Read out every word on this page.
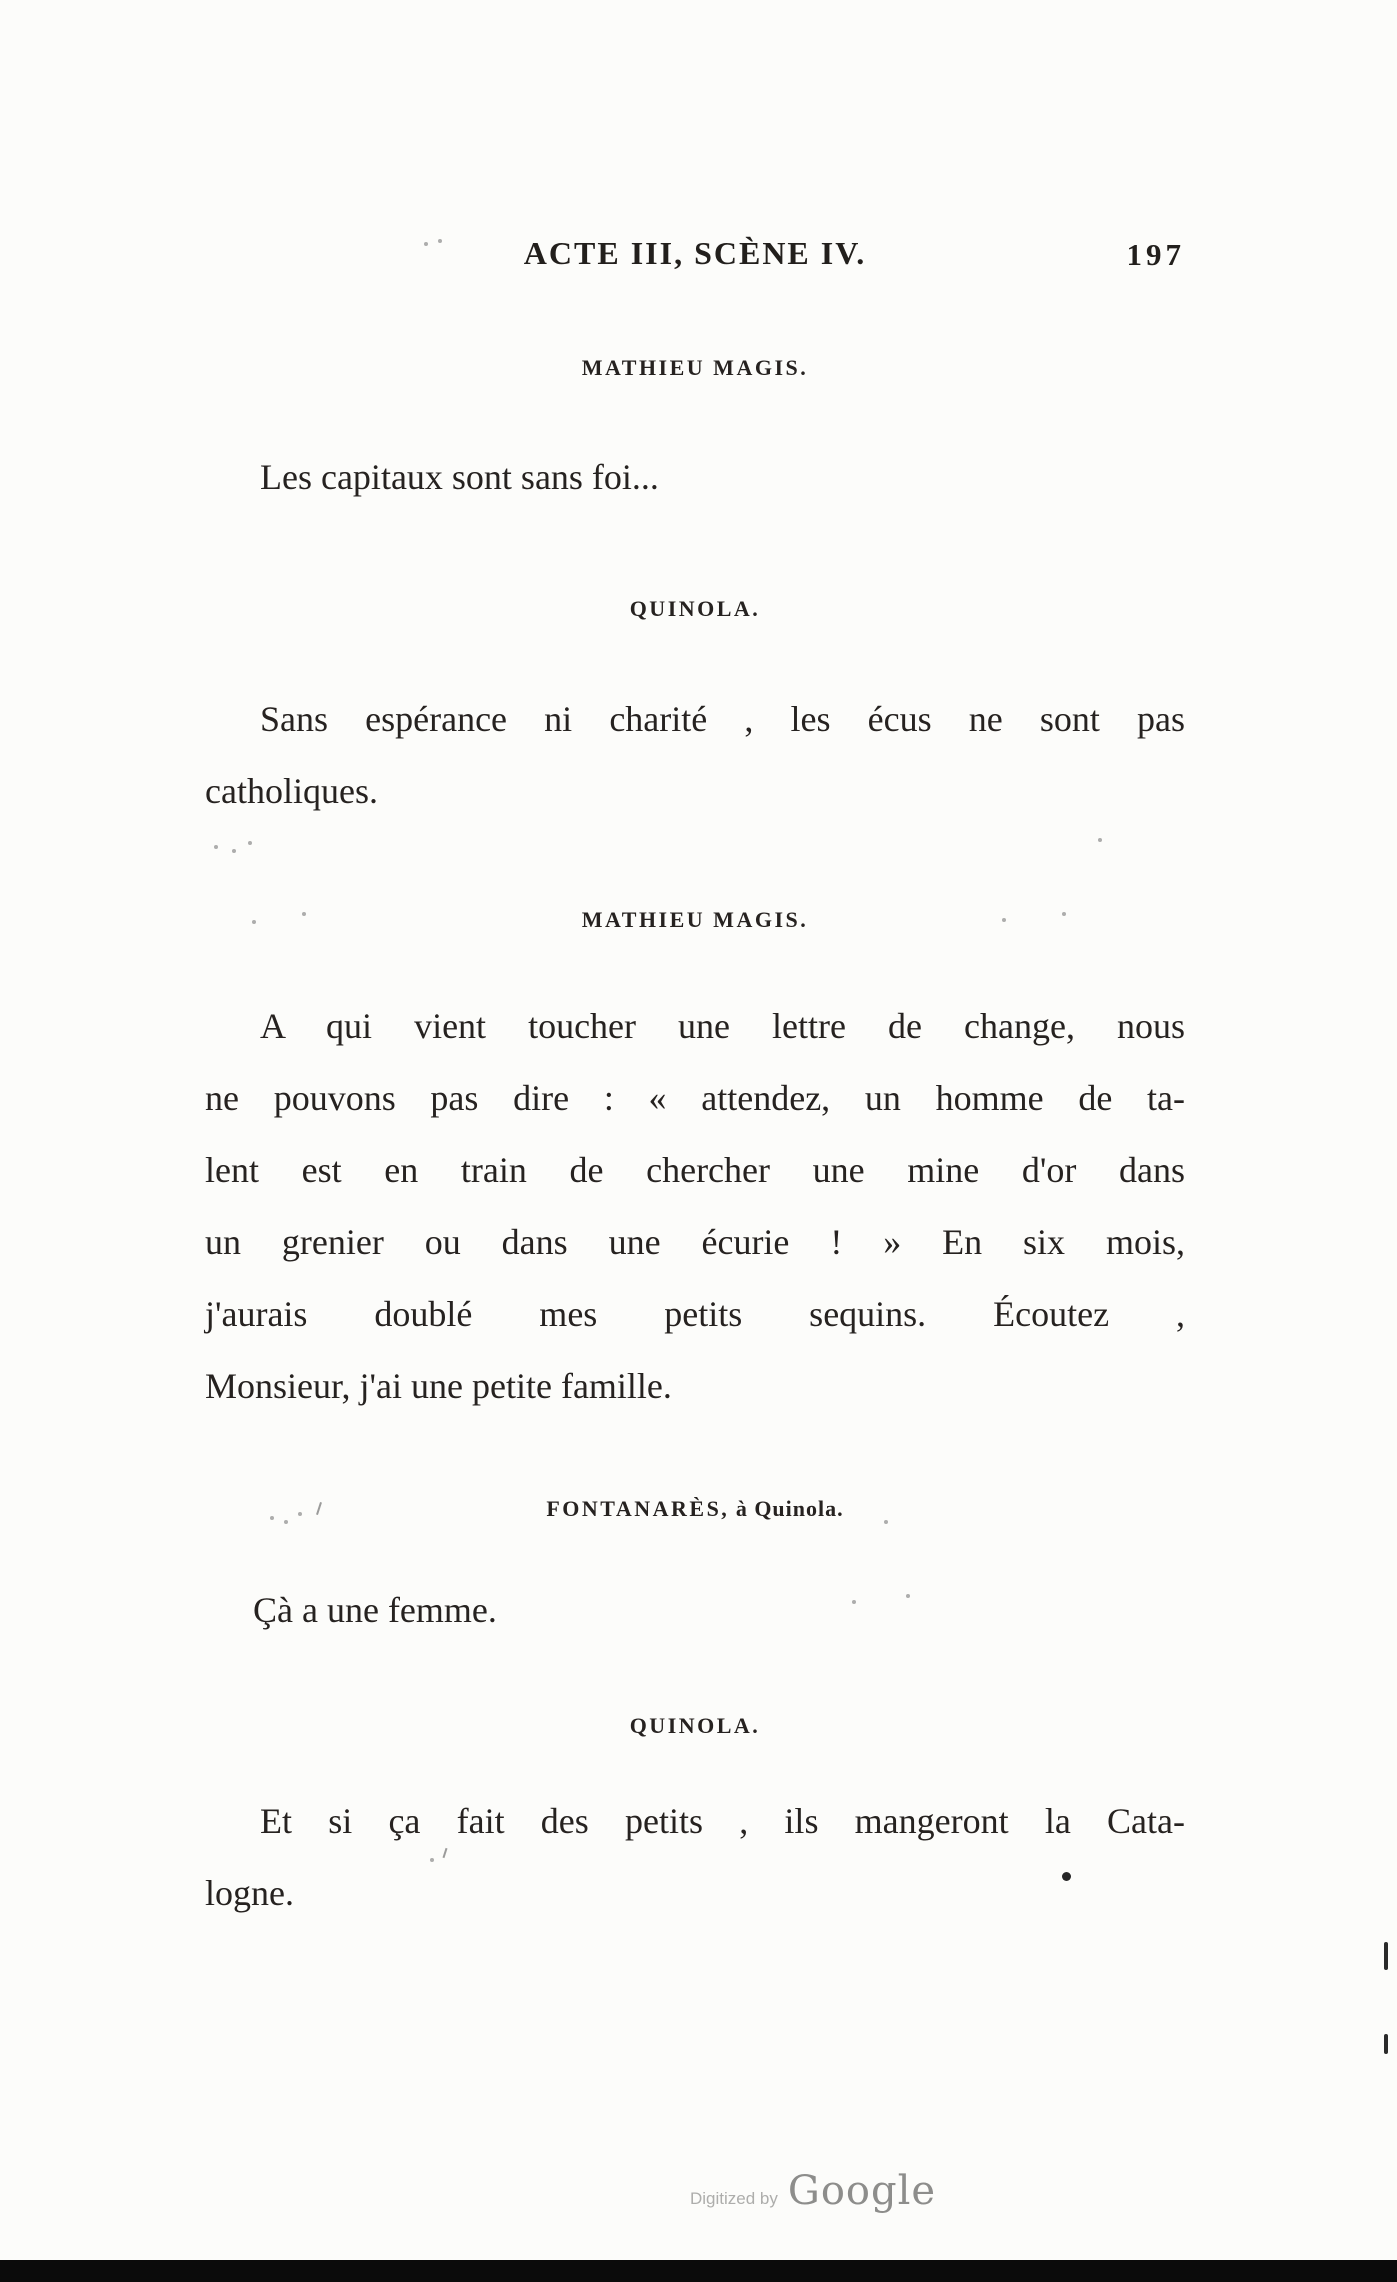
ACTE III, SCÈNE IV.	197
MATHIEU MAGIS.
Les capitaux sont sans foi...
QUINOLA.
Sans espérance ni charité , les écus ne sont pas
catholiques.
MATHIEU MAGIS.
A qui vient toucher une lettre de change, nous
ne pouvons pas dire : « attendez, un homme de ta-
lent est en train de chercher une mine d'or dans
un grenier ou dans une écurie ! » En six mois,
j'aurais doublé mes petits sequins. Écoutez ,
Monsieur, j'ai une petite famille.
FONTANARÈS, à Quinola.
Çà a une femme.
QUINOLA.
Et si ça fait des petits , ils mangeront la Cata-
logne.
Digitized by Google
